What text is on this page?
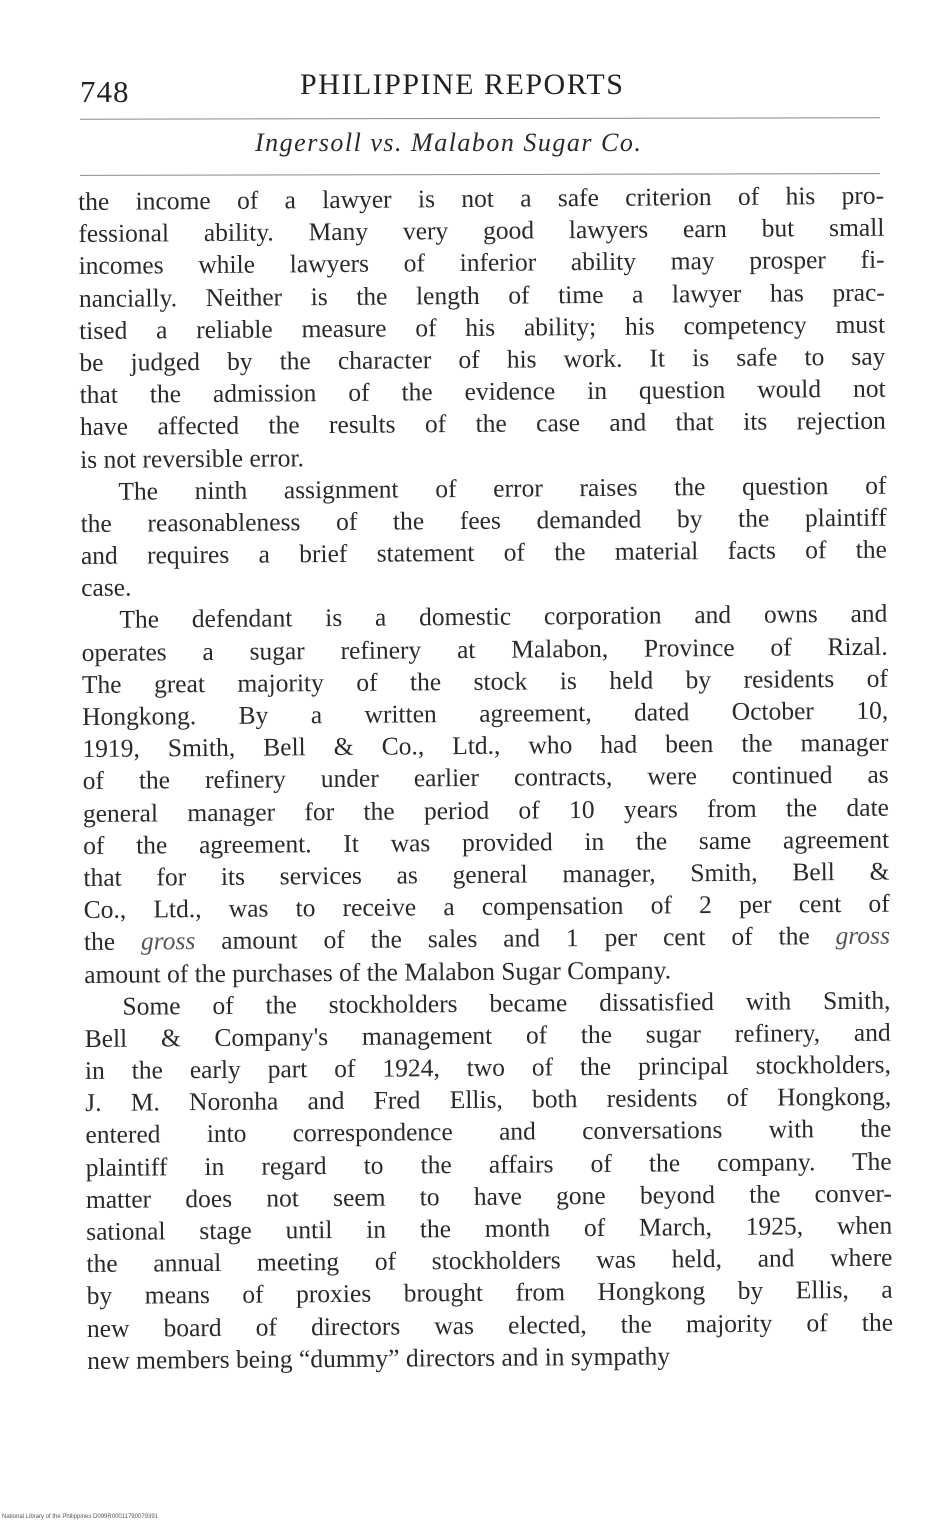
748	PHILIPPINE REPORTS
Ingersoll vs. Malabon Sugar Co.
the income of a lawyer is not a safe criterion of his pro-
fessional ability. Many very good lawyers earn but small
incomes while lawyers of inferior ability may prosper fi-
nancially. Neither is the length of time a lawyer has prac-
tised a reliable measure of his ability; his competency must
be judged by the character of his work. It is safe to say
that the admission of the evidence in question would not
have affected the results of the case and that its rejection
is not reversible error.
The ninth assignment of error raises the question of
the reasonableness of the fees demanded by the plaintiff
and requires a brief statement of the material facts of the
case.
The defendant is a domestic corporation and owns and
operates a sugar refinery at Malabon, Province of Rizal.
The great majority of the stock is held by residents of
Hongkong. By a written agreement, dated October 10,
1919, Smith, Bell & Co., Ltd., who had been the manager
of the refinery under earlier contracts, were continued as
general manager for the period of 10 years from the date
of the agreement. It was provided in the same agreement
that for its services as general manager, Smith, Bell &
Co., Ltd., was to receive a compensation of 2 per cent of
the gross amount of the sales and 1 per cent of the gross
amount of the purchases of the Malabon Sugar Company.
Some of the stockholders became dissatisfied with Smith,
Bell & Company's management of the sugar refinery, and
in the early part of 1924, two of the principal stockholders,
J. M. Noronha and Fred Ellis, both residents of Hongkong,
entered into correspondence and conversations with the
plaintiff in regard to the affairs of the company. The
matter does not seem to have gone beyond the conver-
sational stage until in the month of March, 1925, when
the annual meeting of stockholders was held, and where
by means of proxies brought from Hongkong by Ellis, a
new board of directors was elected, the majority of the
new members being “dummy” directors and in sympathy
National Library of the Philippines D099R00011790079391
